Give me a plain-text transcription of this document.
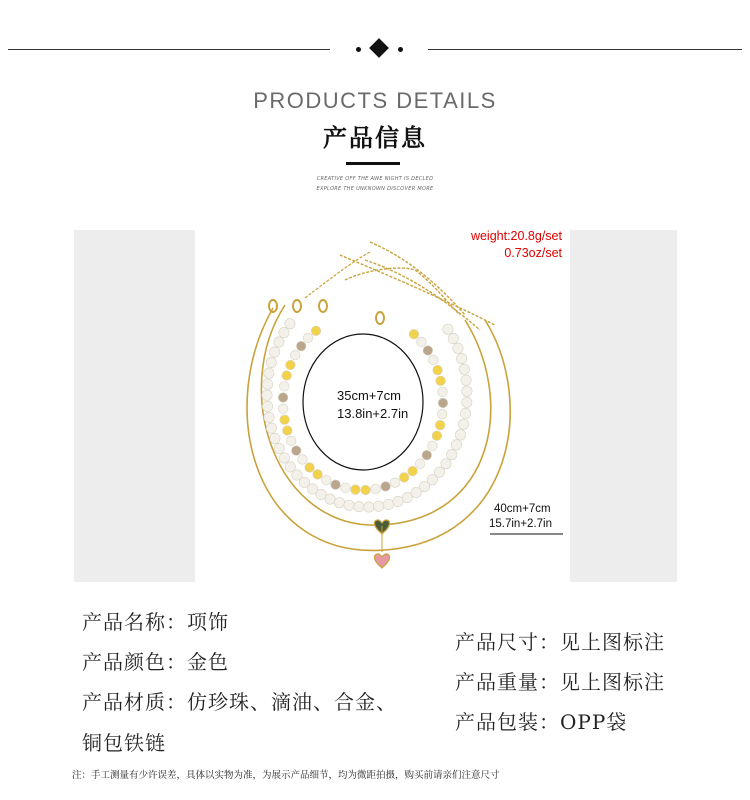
PRODUCTS DETAILS
产品信息
CREATIVE OFF THE AWE NIGHT IS DECLED
EXPLORE THE UNKNOWN DISCOVER MORE
weight:20.8g/set
0.73oz/set
35cm+7cm
13.8in+2.7in
40cm+7cm
15.7in+2.7in
产品名称：项饰
产品颜色：金色
产品材质：仿珍珠、滴油、合金、
铜包铁链
产品尺寸：见上图标注
产品重量：见上图标注
产品包装：OPP袋
注：手工测量有少许误差，具体以实物为准，为展示产品细节，均为微距拍摄，购买前请亲们注意尺寸
